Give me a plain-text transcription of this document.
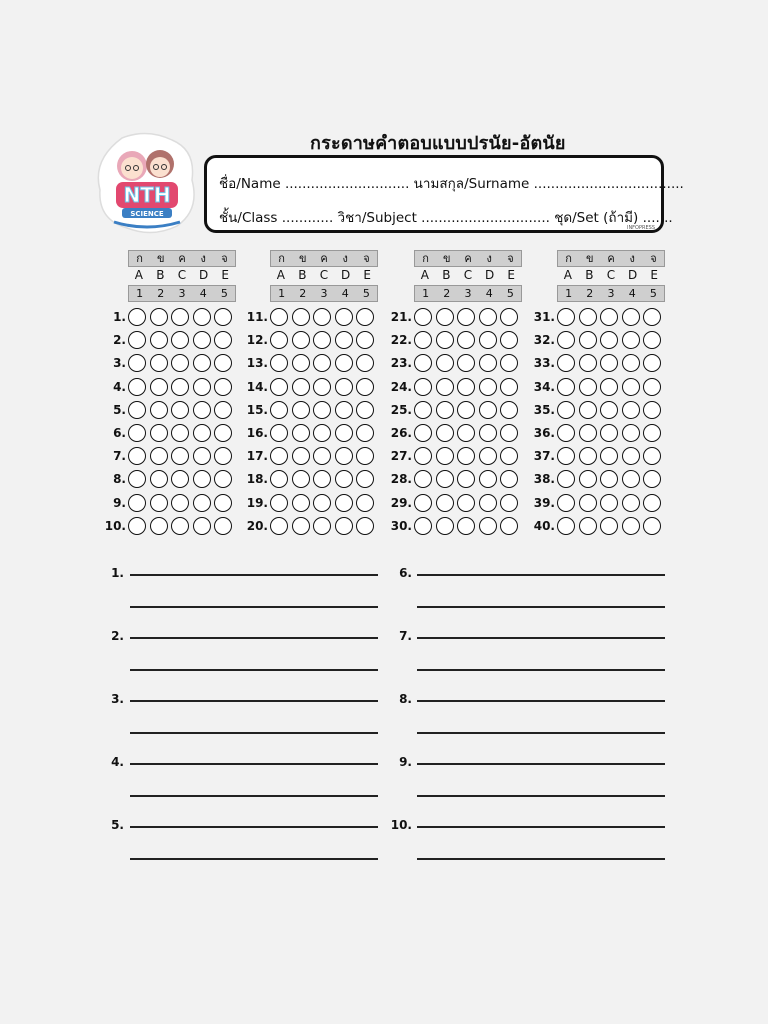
NTH
SCIENCE
กระดาษคำตอบแบบปรนัย-อัตนัย
ชื่อ/Name ............................. นามสกุล/Surname ...................................
ชั้น/Class ............ วิชา/Subject .............................. ชุด/Set (ถ้ามี) .......
INFOPRESS
ก	ข	ค	ง	จ
A	B	C	D	E
1	2	3	4	5
1.
2.
3.
4.
5.
6.
7.
8.
9.
10.
ก	ข	ค	ง	จ
A	B	C	D	E
1	2	3	4	5
11.
12.
13.
14.
15.
16.
17.
18.
19.
20.
ก	ข	ค	ง	จ
A	B	C	D	E
1	2	3	4	5
21.
22.
23.
24.
25.
26.
27.
28.
29.
30.
ก	ข	ค	ง	จ
A	B	C	D	E
1	2	3	4	5
31.
32.
33.
34.
35.
36.
37.
38.
39.
40.
1.
2.
3.
4.
5.
6.
7.
8.
9.
10.
